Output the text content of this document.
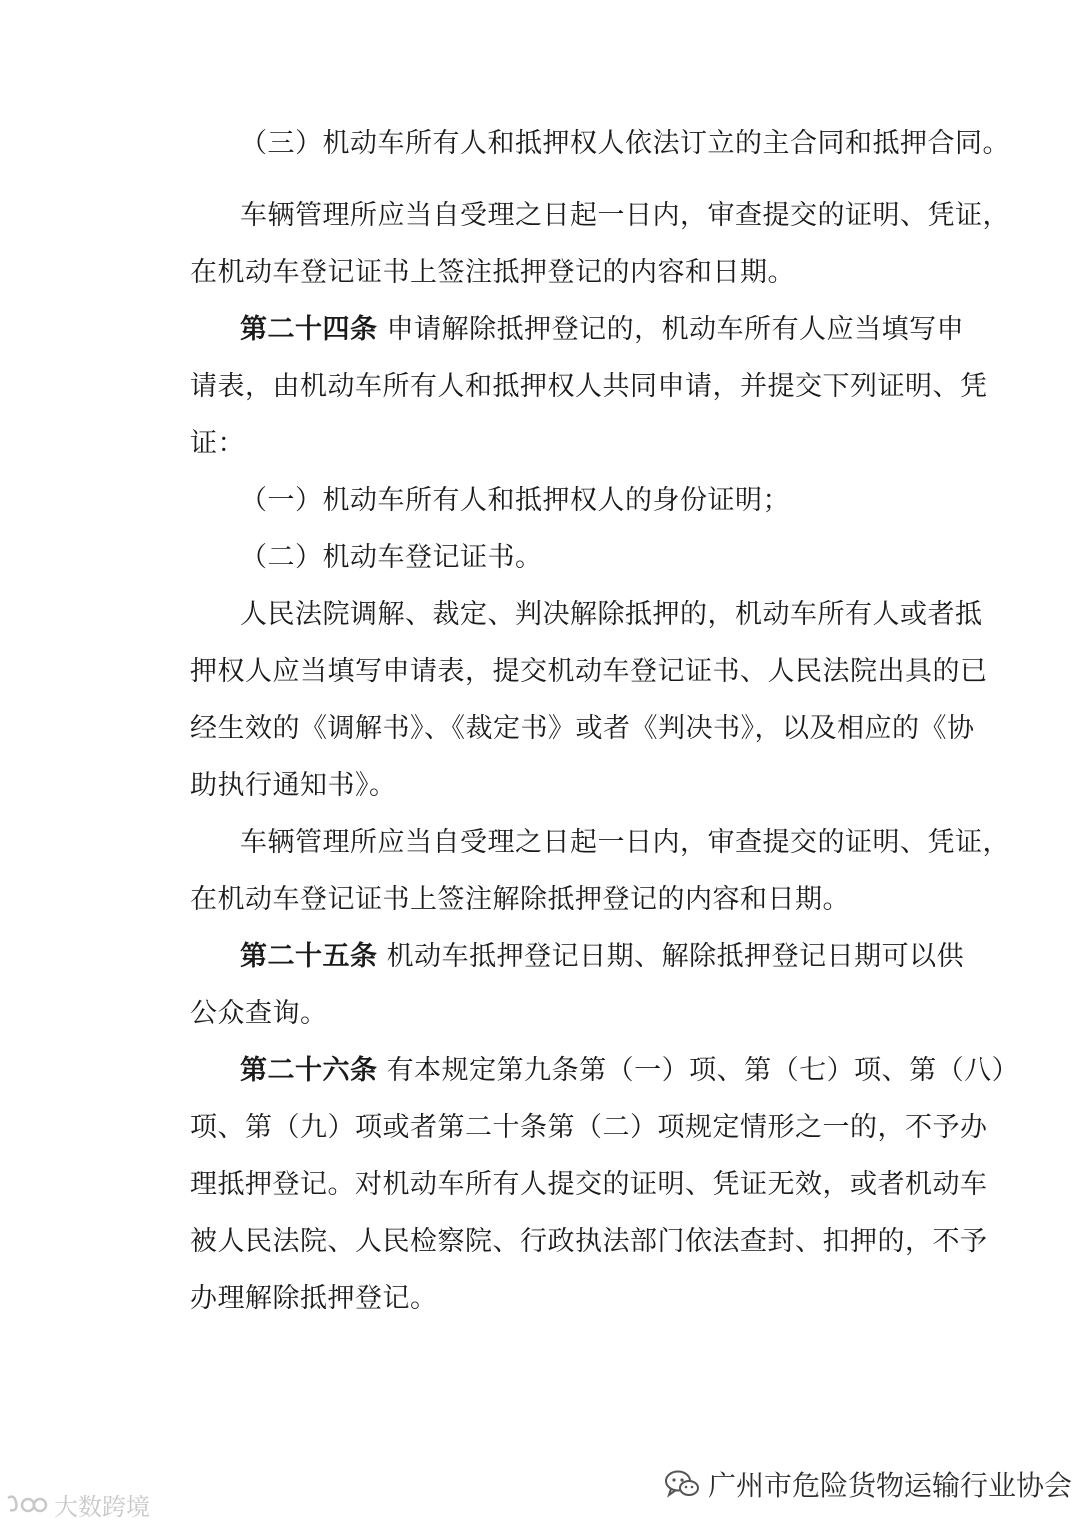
（三）机动车所有人和抵押权人依法订立的主合同和抵押合同。
车辆管理所应当自受理之日起一日内，审查提交的证明、凭证，
在机动车登记证书上签注抵押登记的内容和日期。
第二十四条 申请解除抵押登记的，机动车所有人应当填写申
请表，由机动车所有人和抵押权人共同申请，并提交下列证明、凭
证：
（一）机动车所有人和抵押权人的身份证明；
（二）机动车登记证书。
人民法院调解、裁定、判决解除抵押的，机动车所有人或者抵
押权人应当填写申请表，提交机动车登记证书、人民法院出具的已
经生效的《调解书》、《裁定书》或者《判决书》，以及相应的《协
助执行通知书》。
车辆管理所应当自受理之日起一日内，审查提交的证明、凭证，
在机动车登记证书上签注解除抵押登记的内容和日期。
第二十五条 机动车抵押登记日期、解除抵押登记日期可以供
公众查询。
第二十六条 有本规定第九条第（一）项、第（七）项、第（八）
项、第（九）项或者第二十条第（二）项规定情形之一的，不予办
理抵押登记。对机动车所有人提交的证明、凭证无效，或者机动车
被人民法院、人民检察院、行政执法部门依法查封、扣押的，不予
办理解除抵押登记。
广州市危险货物运输行业协会
大数跨境
